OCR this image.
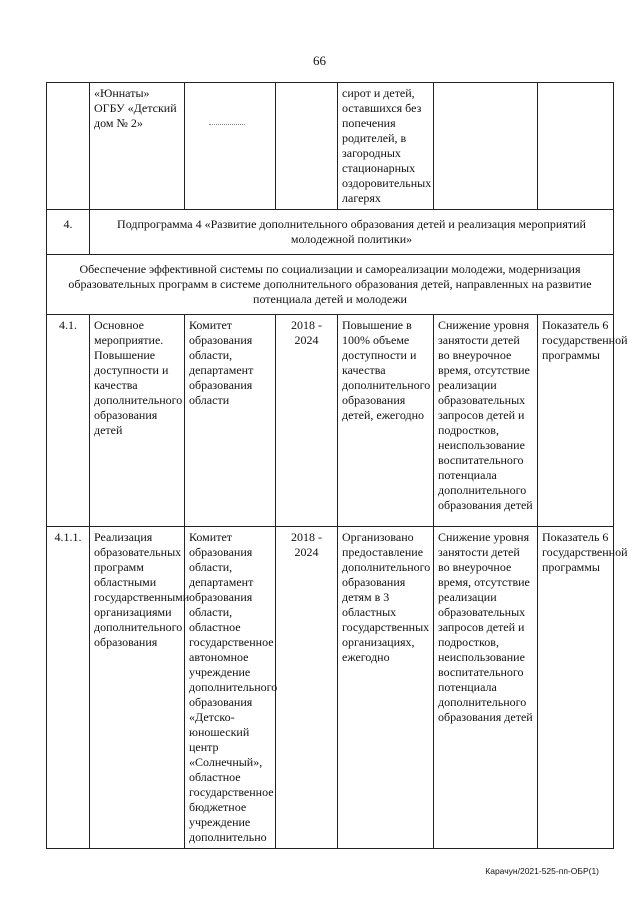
66
	«Юннаты» ОГБУ «Детский дом № 2»			сирот и детей, оставшихся без попечения родителей, в загородных стационарных оздоровительных лагерях		
4.	Подпрограмма 4 «Развитие дополнительного образования детей и реализация мероприятий молодежной политики»					
Обеспечение эффективной системы по социализации и самореализации молодежи, модернизация образовательных программ в системе дополнительного образования детей, направленных на развитие потенциала детей и молодежи						
4.1.	Основное мероприятие. Повышение доступности и качества дополнительного образования детей	Комитет образования области, департамент образования области	2018 - 2024	Повышение в 100% объеме доступности и качества дополнительного образования детей, ежегодно	Снижение уровня занятости детей во внеурочное время, отсутствие реализации образовательных запросов детей и подростков, неиспользование воспитательного потенциала дополнительного образования детей	Показатель 6 государственной программы
4.1.1.	Реализация образовательных программ областными государственными организациями дополнительного образования	Комитет образования области, департамент образования области, областное государственное автономное учреждение дополнительного образования «Детско-юношеский центр «Солнечный», областное государственное бюджетное учреждение дополнительно	2018 - 2024	Организовано предоставление дополнительного образования детям в 3 областных государственных организациях, ежегодно	Снижение уровня занятости детей во внеурочное время, отсутствие реализации образовательных запросов детей и подростков, неиспользование воспитательного потенциала дополнительного образования детей	Показатель 6 государственной программы
Карачун/2021-525-пп-ОБР(1)
